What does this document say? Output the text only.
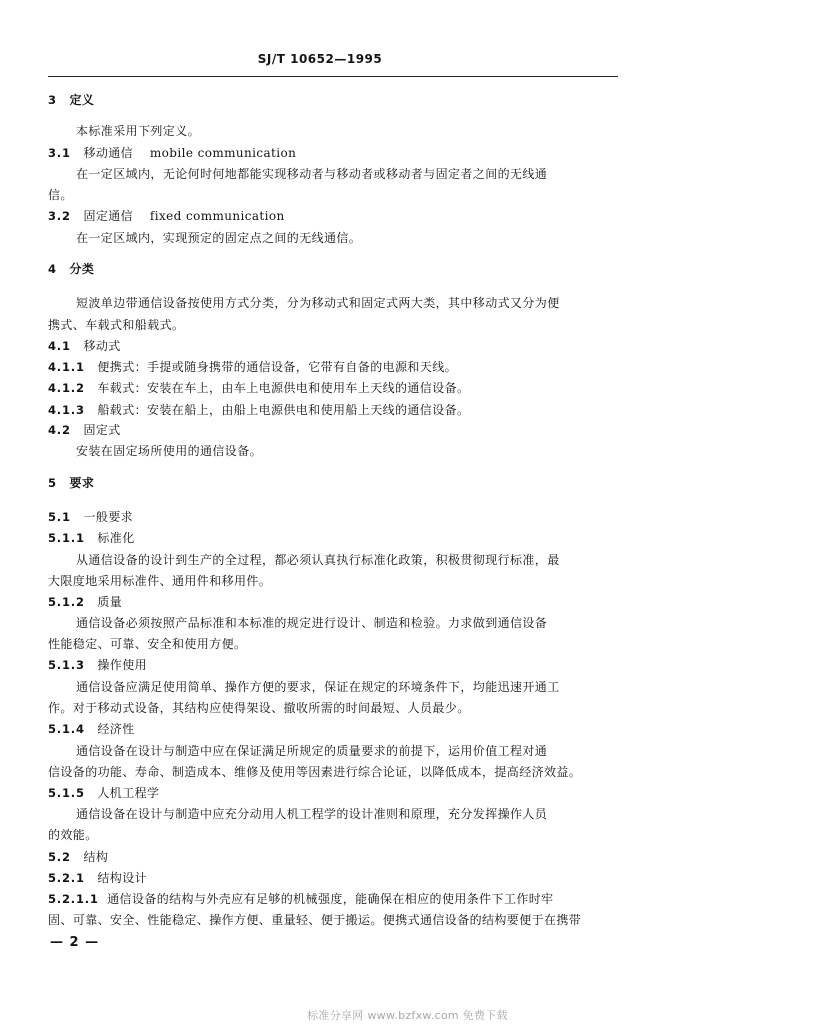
SJ/T 10652—1995
3 定义
本标准采用下列定义。
3.1 移动通信 mobile communication
在一定区域内，无论何时何地都能实现移动者与移动者或移动者与固定者之间的无线通
信。
3.2 固定通信 fixed communication
在一定区域内，实现预定的固定点之间的无线通信。
4 分类
短波单边带通信设备按使用方式分类，分为移动式和固定式两大类，其中移动式又分为便
携式、车载式和船载式。
4.1 移动式
4.1.1 便携式：手提或随身携带的通信设备，它带有自备的电源和天线。
4.1.2 车载式：安装在车上，由车上电源供电和使用车上天线的通信设备。
4.1.3 船载式：安装在船上，由船上电源供电和使用船上天线的通信设备。
4.2 固定式
安装在固定场所使用的通信设备。
5 要求
5.1 一般要求
5.1.1 标准化
从通信设备的设计到生产的全过程，都必须认真执行标准化政策，积极贯彻现行标准，最
大限度地采用标准件、通用件和移用件。
5.1.2 质量
通信设备必须按照产品标准和本标准的规定进行设计、制造和检验。力求做到通信设备
性能稳定、可靠、安全和使用方便。
5.1.3 操作使用
通信设备应满足使用简单、操作方便的要求，保证在规定的环境条件下，均能迅速开通工
作。对于移动式设备，其结构应使得架设、撤收所需的时间最短、人员最少。
5.1.4 经济性
通信设备在设计与制造中应在保证满足所规定的质量要求的前提下，运用价值工程对通
信设备的功能、寿命、制造成本、维修及使用等因素进行综合论证，以降低成本，提高经济效益。
5.1.5 人机工程学
通信设备在设计与制造中应充分动用人机工程学的设计准则和原理，充分发挥操作人员
的效能。
5.2 结构
5.2.1 结构设计
5.2.1.1 通信设备的结构与外壳应有足够的机械强度，能确保在相应的使用条件下工作时牢
固、可靠、安全、性能稳定、操作方便、重量轻、便于搬运。便携式通信设备的结构要便于在携带
— 2 —
标准分享网 www.bzfxw.com 免费下载
